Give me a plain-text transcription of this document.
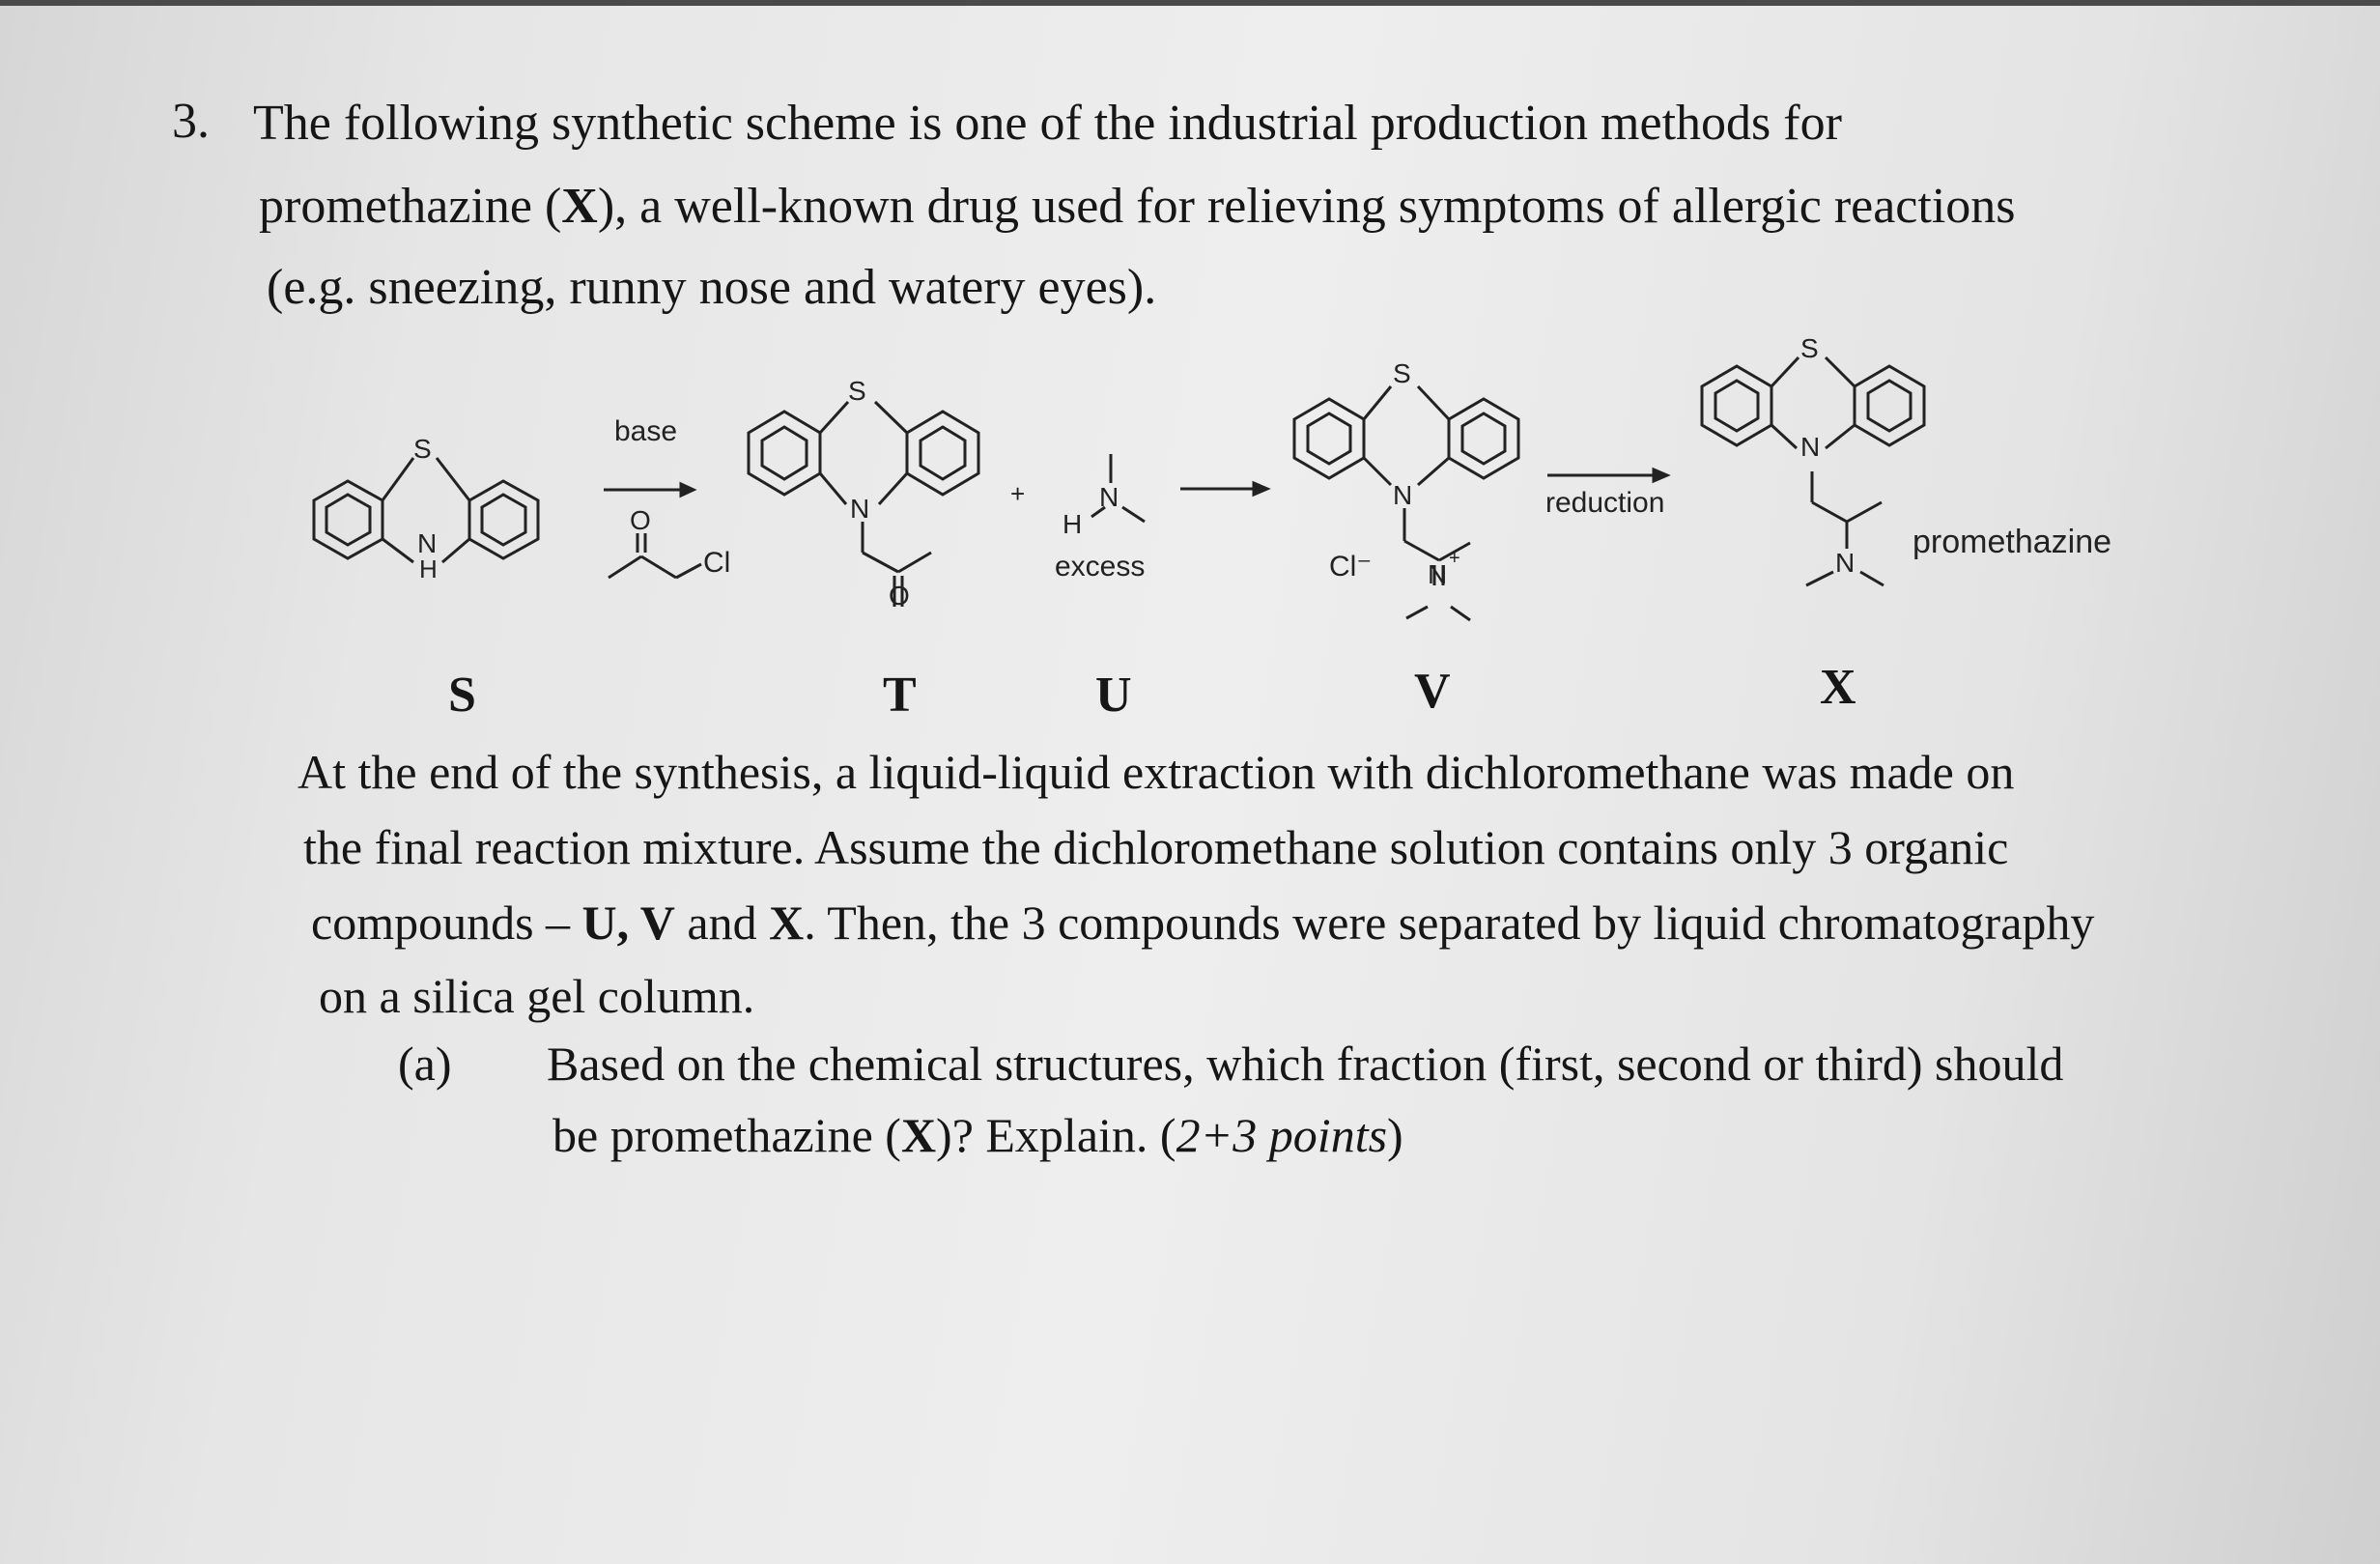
3. The following synthetic scheme is one of the industrial production methods for
promethazine (X), a well-known drug used for relieving symptoms of allergic reactions
(e.g. sneezing, runny nose and watery eyes).
S
N
H
base
O
Cl
S
N
O
+
H
N
excess
S
N
Cl⁻ N
+
reduction
S
N
N
promethazine
S	T	U	V	X
At the end of the synthesis, a liquid-liquid extraction with dichloromethane was made on
the final reaction mixture. Assume the dichloromethane solution contains only 3 organic
compounds – U, V and X. Then, the 3 compounds were separated by liquid chromatography
on a silica gel column.
(a) Based on the chemical structures, which fraction (first, second or third) should
be promethazine (X)? Explain. (2+3 points)
